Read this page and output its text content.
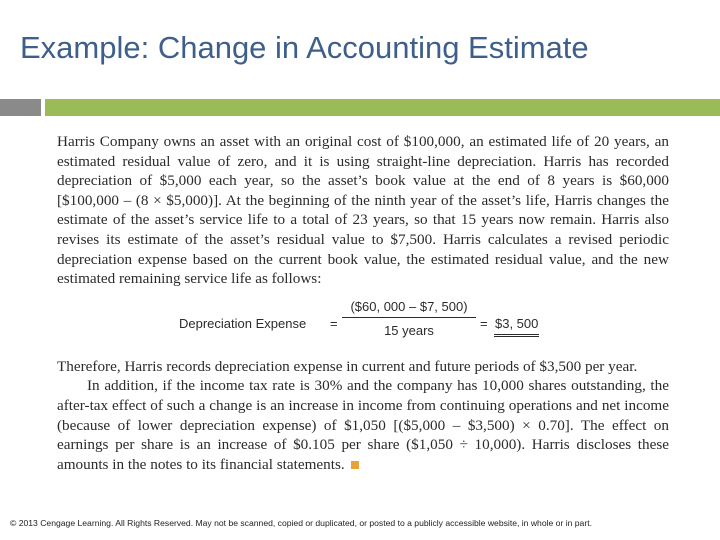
Example: Change in Accounting Estimate

Harris Company owns an asset with an original cost of $100,000, an estimated life of 20 years, an estimated residual value of zero, and it is using straight-line depreciation. Harris has recorded depreciation of $5,000 each year, so the asset’s book value at the end of 8 years is $60,000 [$100,000 – (8 × $5,000)]. At the beginning of the ninth year of the asset’s life, Harris changes the estimate of the asset’s service life to a total of 23 years, so that 15 years now remain. Harris also revises its estimate of the asset’s residual value to $7,500. Harris calculates a revised periodic depreciation expense based on the current book value, the estimated residual value, and the new estimated remaining service life as follows:

Depreciation Expense =
($60, 000 – $7, 500)
15 years	= $3, 500

Therefore, Harris records depreciation expense in current and future periods of $3,500 per year.

In addition, if the income tax rate is 30% and the company has 10,000 shares outstanding, the after-tax effect of such a change is an increase in income from continuing operations and net income (because of lower depreciation expense) of $1,050 [($5,000 – $3,500) × 0.70]. The effect on earnings per share is an increase of $0.105 per share ($1,050 ÷ 10,000). Harris discloses these amounts in the notes to its financial statements.

© 2013 Cengage Learning. All Rights Reserved. May not be scanned, copied or duplicated, or posted to a publicly accessible website, in whole or in part.
